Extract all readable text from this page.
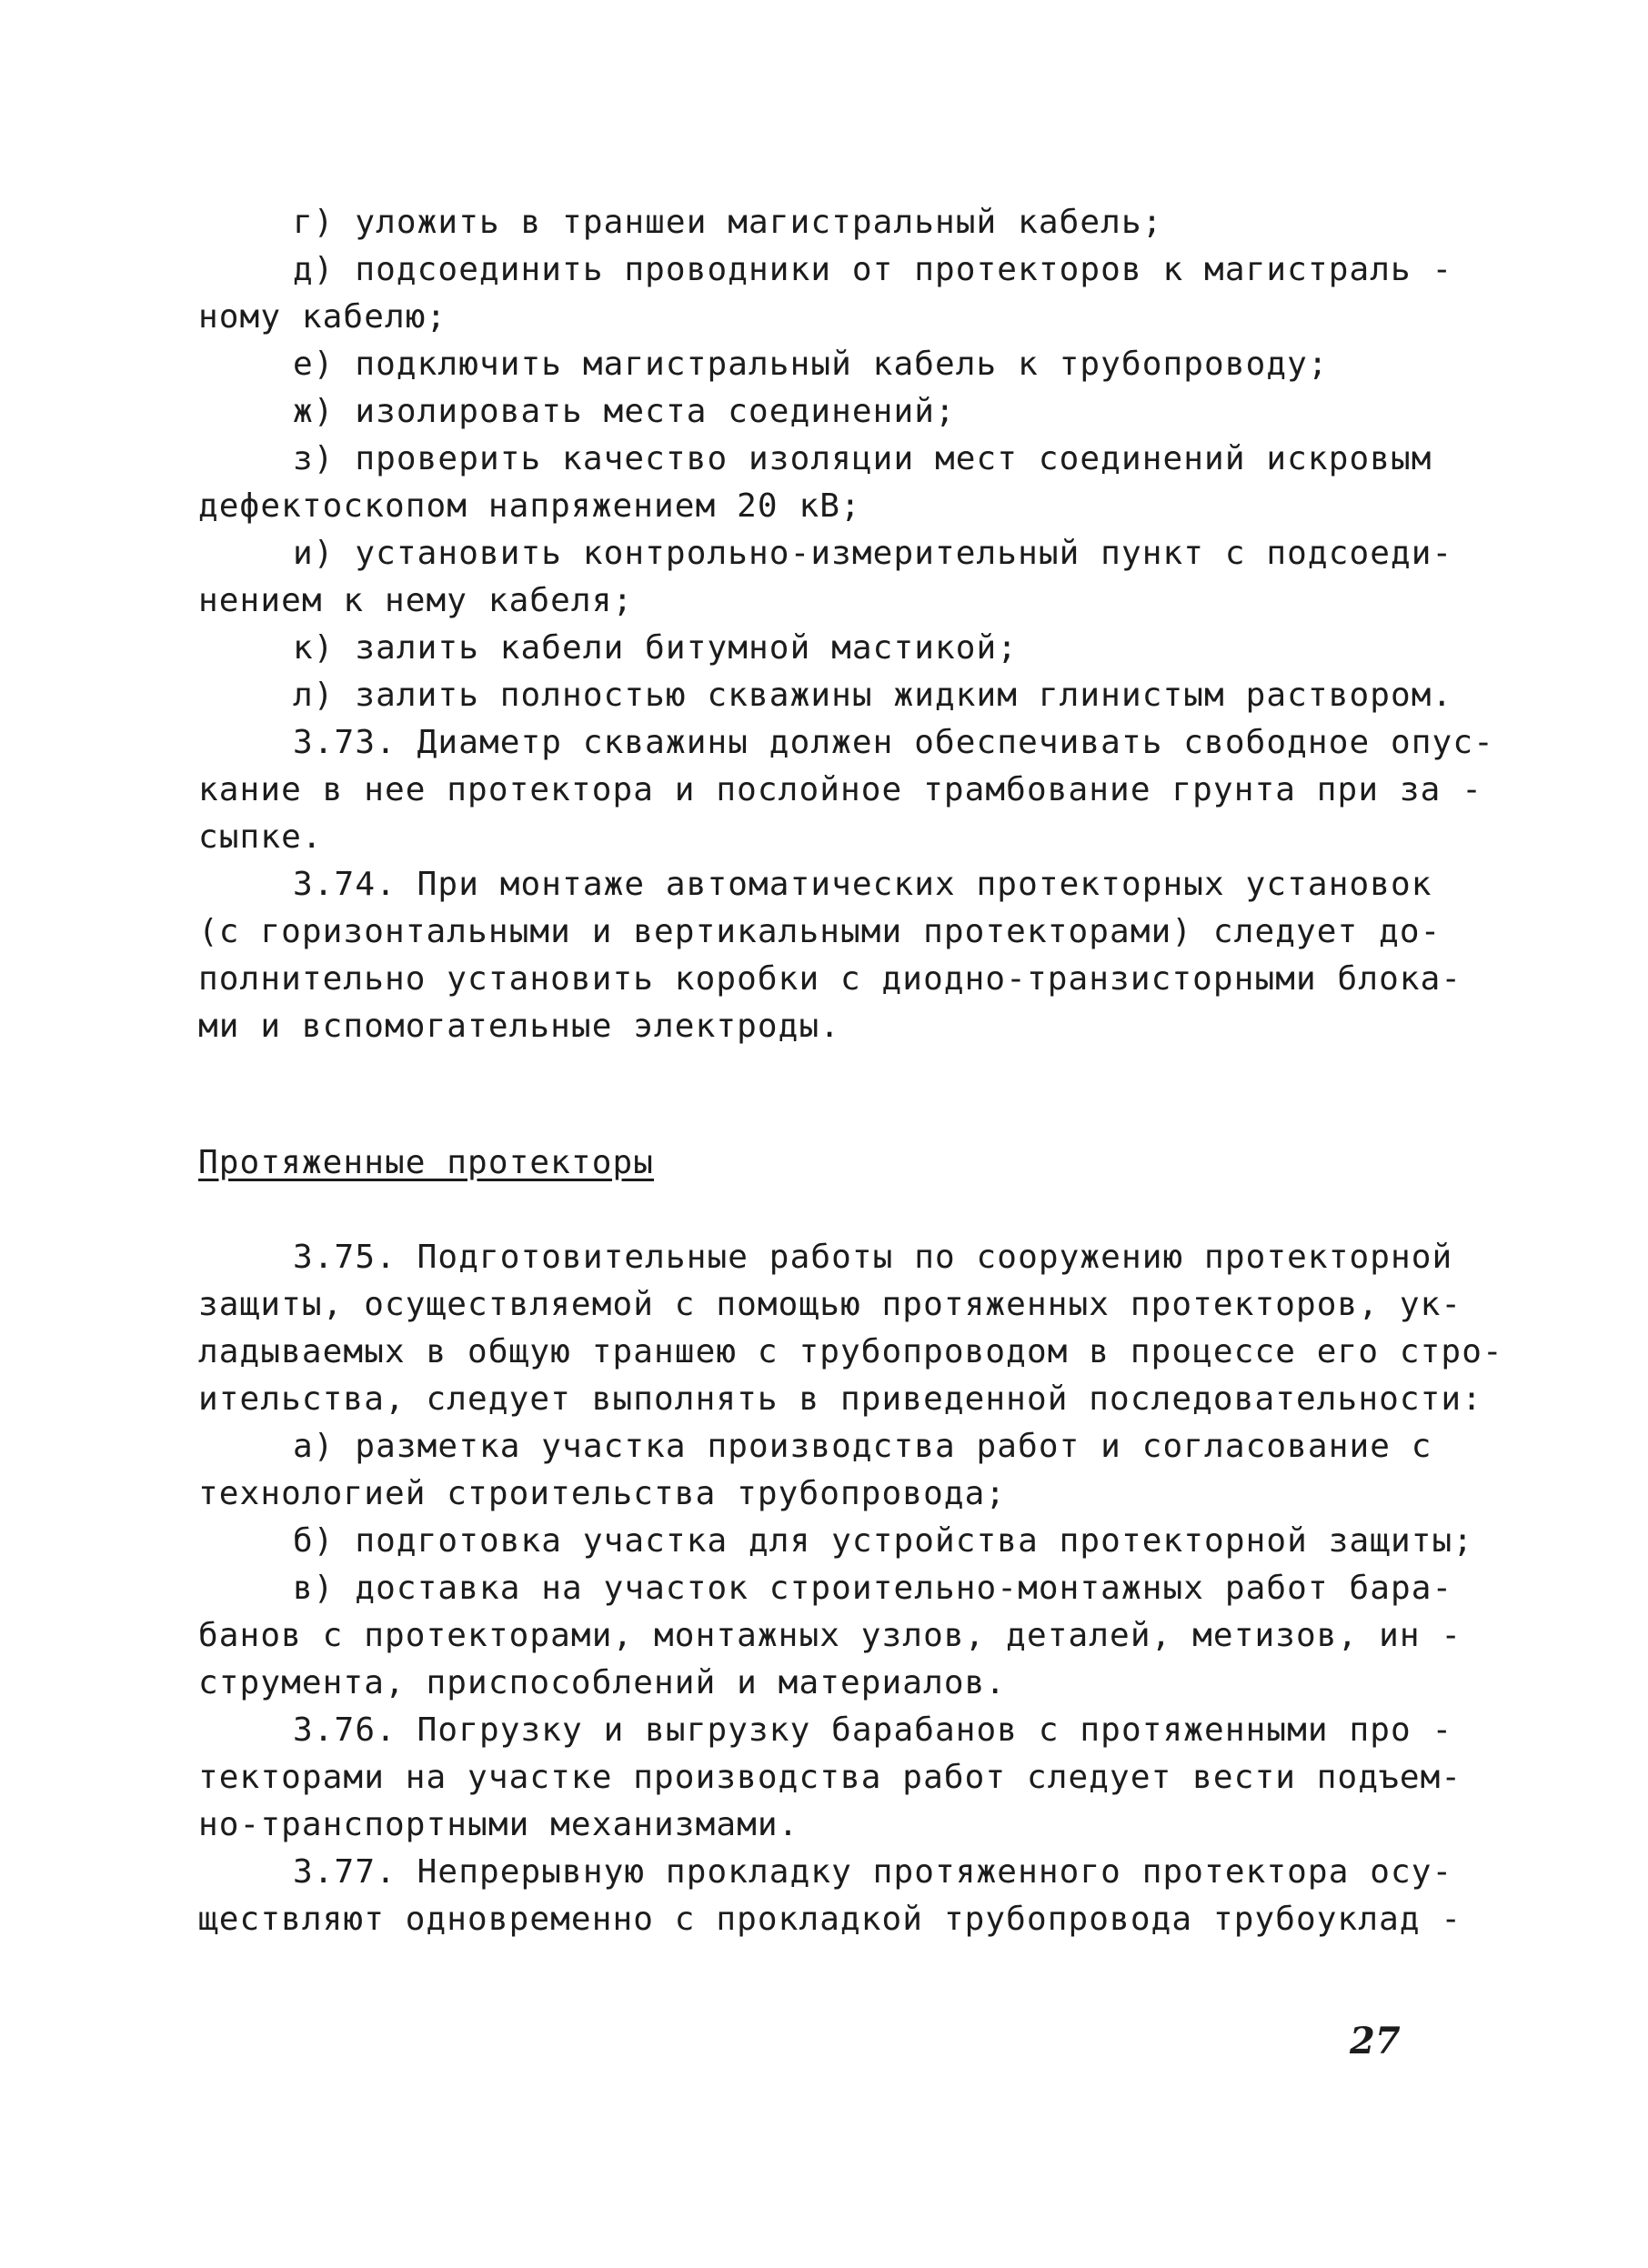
г) уложить в траншеи магистральный кабель;
д) подсоединить проводники от протекторов к магистраль -
ному кабелю;
е) подключить магистральный кабель к трубопроводу;
ж) изолировать места соединений;
з) проверить качество изоляции мест соединений искровым
дефектоскопом напряжением 20 кВ;
и) установить контрольно-измерительный пункт с подсоеди-
нением к нему кабеля;
к) залить кабели битумной мастикой;
л) залить полностью скважины жидким глинистым раствором.
3.73. Диаметр скважины должен обеспечивать свободное опус-
кание в нее протектора и послойное трамбование грунта при за -
сыпке.
3.74. При монтаже автоматических протекторных установок
(с горизонтальными и вертикальными протекторами) следует до-
полнительно установить коробки с диодно-транзисторными блока-
ми и вспомогательные электроды.
Протяженные протекторы
3.75. Подготовительные работы по сооружению протекторной
защиты, осуществляемой с помощью протяженных протекторов, ук-
ладываемых в общую траншею с трубопроводом в процессе его стро-
ительства, следует выполнять в приведенной последовательности:
а) разметка участка производства работ и согласование с
технологией строительства трубопровода;
б) подготовка участка для устройства протекторной защиты;
в) доставка на участок строительно-монтажных работ бара-
банов с протекторами, монтажных узлов, деталей, метизов, ин -
струмента, приспособлений и материалов.
3.76. Погрузку и выгрузку барабанов с протяженными про -
текторами на участке производства работ следует вести подъем-
но-транспортными механизмами.
3.77. Непрерывную прокладку протяженного протектора осу-
ществляют одновременно с прокладкой трубопровода трубоуклад -
27
